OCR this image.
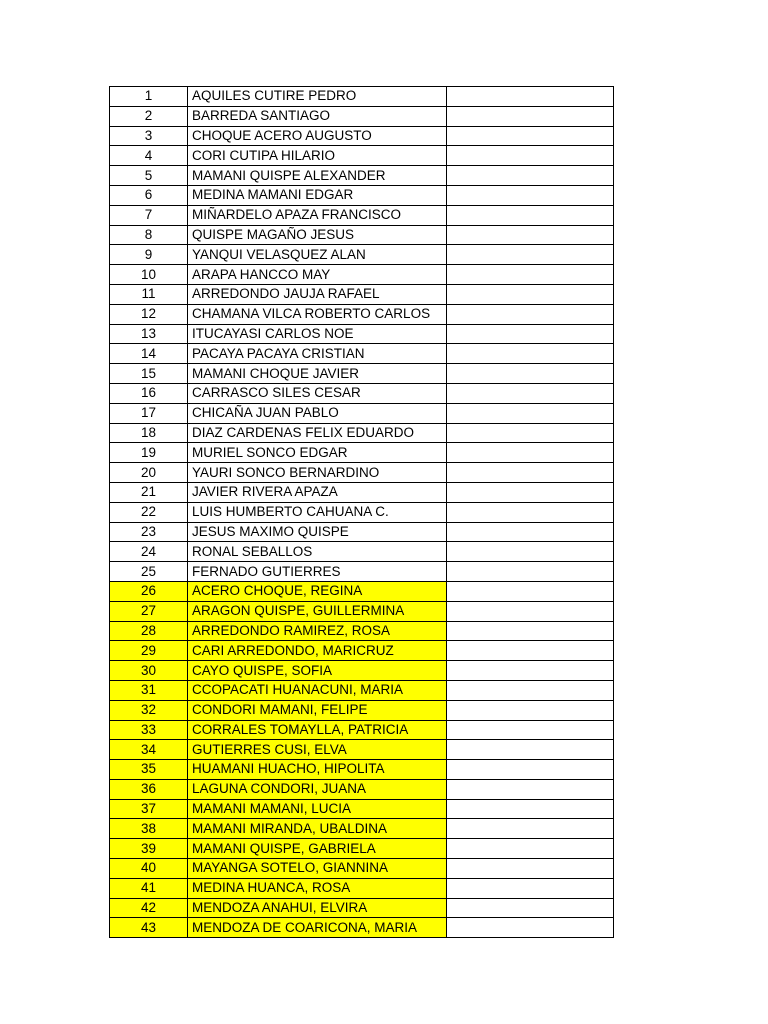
1	AQUILES CUTIRE PEDRO	
2	BARREDA SANTIAGO	
3	CHOQUE ACERO AUGUSTO	
4	CORI CUTIPA HILARIO	
5	MAMANI QUISPE ALEXANDER	
6	MEDINA MAMANI EDGAR	
7	MIÑARDELO APAZA FRANCISCO	
8	QUISPE MAGAÑO JESUS	
9	YANQUI VELASQUEZ ALAN	
10	ARAPA HANCCO MAY	
11	ARREDONDO JAUJA RAFAEL	
12	CHAMANA VILCA ROBERTO CARLOS	
13	ITUCAYASI CARLOS NOE	
14	PACAYA PACAYA CRISTIAN	
15	MAMANI CHOQUE JAVIER	
16	CARRASCO SILES CESAR	
17	CHICAÑA JUAN PABLO	
18	DIAZ CARDENAS FELIX EDUARDO	
19	MURIEL SONCO EDGAR	
20	YAURI SONCO BERNARDINO	
21	JAVIER RIVERA APAZA	
22	LUIS HUMBERTO CAHUANA C.	
23	JESUS MAXIMO QUISPE	
24	RONAL SEBALLOS	
25	FERNADO GUTIERRES	
26	ACERO CHOQUE, REGINA	
27	ARAGON QUISPE, GUILLERMINA	
28	ARREDONDO RAMIREZ, ROSA	
29	CARI ARREDONDO, MARICRUZ	
30	CAYO QUISPE, SOFIA	
31	CCOPACATI HUANACUNI, MARIA	
32	CONDORI MAMANI, FELIPE	
33	CORRALES TOMAYLLA, PATRICIA	
34	GUTIERRES CUSI, ELVA	
35	HUAMANI HUACHO, HIPOLITA	
36	LAGUNA CONDORI, JUANA	
37	MAMANI MAMANI, LUCIA	
38	MAMANI MIRANDA, UBALDINA	
39	MAMANI QUISPE, GABRIELA	
40	MAYANGA SOTELO, GIANNINA	
41	MEDINA HUANCA, ROSA	
42	MENDOZA ANAHUI, ELVIRA	
43	MENDOZA DE COARICONA, MARIA	
